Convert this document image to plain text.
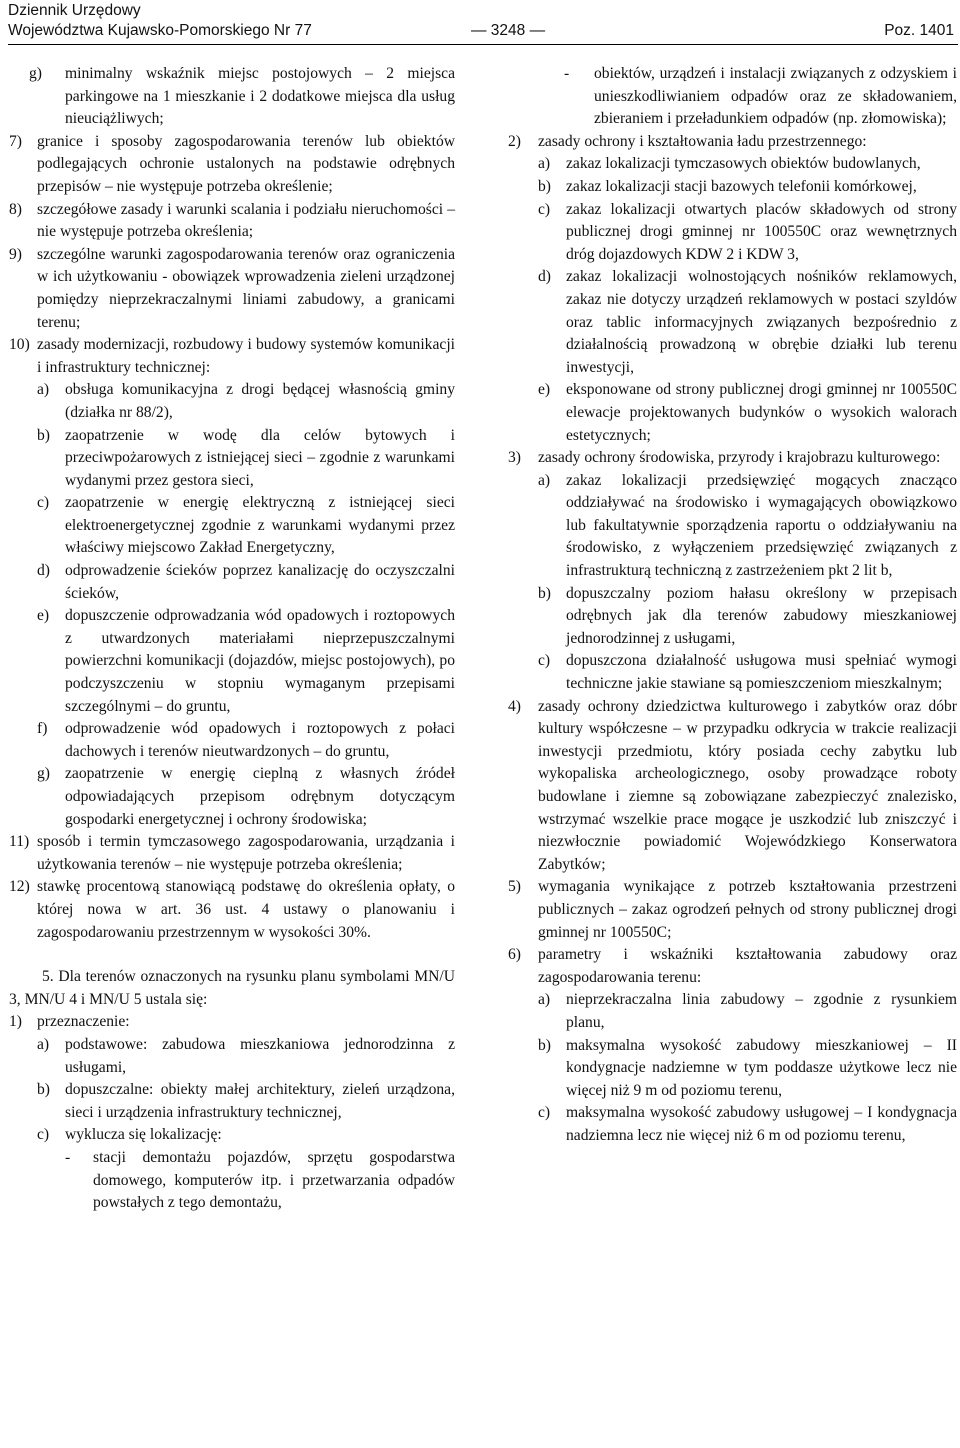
Dziennik Urzędowy
Województwa Kujawsko-Pomorskiego Nr 77	— 3248 —	Poz. 1401
g) minimalny wskaźnik miejsc postojowych – 2 miejsca parkingowe na 1 mieszkanie i 2 dodatkowe miejsca dla usług nieuciążliwych;
7) granice i sposoby zagospodarowania terenów lub obiektów podlegających ochronie ustalonych na podstawie odrębnych przepisów – nie występuje potrzeba określenie;
8) szczegółowe zasady i warunki scalania i podziału nieruchomości – nie występuje potrzeba określenia;
9) szczególne warunki zagospodarowania terenów oraz ograniczenia w ich użytkowaniu - obowiązek wprowadzenia zieleni urządzonej pomiędzy nieprzekraczalnymi liniami zabudowy, a granicami terenu;
10) zasady modernizacji, rozbudowy i budowy systemów komunikacji i infrastruktury technicznej:
a) obsługa komunikacyjna z drogi będącej własnością gminy (działka nr 88/2),
b) zaopatrzenie w wodę dla celów bytowych i przeciwpożarowych z istniejącej sieci – zgodnie z warunkami wydanymi przez gestora sieci,
c) zaopatrzenie w energię elektryczną z istniejącej sieci elektroenergetycznej zgodnie z warunkami wydanymi przez właściwy miejscowo Zakład Energetyczny,
d) odprowadzenie ścieków poprzez kanalizację do oczyszczalni ścieków,
e) dopuszczenie odprowadzania wód opadowych i roztopowych z utwardzonych materiałami nieprzepuszczalnymi powierzchni komunikacji (dojazdów, miejsc postojowych), po podczyszczeniu w stopniu wymaganym przepisami szczególnymi – do gruntu,
f) odprowadzenie wód opadowych i roztopowych z połaci dachowych i terenów nieutwardzonych – do gruntu,
g) zaopatrzenie w energię cieplną z własnych źródeł odpowiadających przepisom odrębnym dotyczącym gospodarki energetycznej i ochrony środowiska;
11) sposób i termin tymczasowego zagospodarowania, urządzania i użytkowania terenów – nie występuje potrzeba określenia;
12) stawkę procentową stanowiącą podstawę do określenia opłaty, o której nowa w art. 36 ust. 4 ustawy o planowaniu i zagospodarowaniu przestrzennym w wysokości 30%.
5. Dla terenów oznaczonych na rysunku planu symbolami MN/U 3, MN/U 4 i MN/U 5 ustala się:
1) przeznaczenie:
a) podstawowe: zabudowa mieszkaniowa jednorodzinna z usługami,
b) dopuszczalne: obiekty małej architektury, zieleń urządzona, sieci i urządzenia infrastruktury technicznej,
c) wyklucza się lokalizację:
- stacji demontażu pojazdów, sprzętu gospodarstwa domowego, komputerów itp. i przetwarzania odpadów powstałych z tego demontażu,
- obiektów, urządzeń i instalacji związanych z odzyskiem i unieszkodliwianiem odpadów oraz ze składowaniem, zbieraniem i przeładunkiem odpadów (np. złomowiska);
2) zasady ochrony i kształtowania ładu przestrzennego:
a) zakaz lokalizacji tymczasowych obiektów budowlanych,
b) zakaz lokalizacji stacji bazowych telefonii komórkowej,
c) zakaz lokalizacji otwartych placów składowych od strony publicznej drogi gminnej nr 100550C oraz wewnętrznych dróg dojazdowych KDW 2 i KDW 3,
d) zakaz lokalizacji wolnostojących nośników reklamowych, zakaz nie dotyczy urządzeń reklamowych w postaci szyldów oraz tablic informacyjnych związanych bezpośrednio z działalnością prowadzoną w obrębie działki lub terenu inwestycji,
e) eksponowane od strony publicznej drogi gminnej nr 100550C elewacje projektowanych budynków o wysokich walorach estetycznych;
3) zasady ochrony środowiska, przyrody i krajobrazu kulturowego:
a) zakaz lokalizacji przedsięwzięć mogących znacząco oddziaływać na środowisko i wymagających obowiązkowo lub fakultatywnie sporządzenia raportu o oddziaływaniu na środowisko, z wyłączeniem przedsięwzięć związanych z infrastrukturą techniczną z zastrzeżeniem pkt 2 lit b,
b) dopuszczalny poziom hałasu określony w przepisach odrębnych jak dla terenów zabudowy mieszkaniowej jednorodzinnej z usługami,
c) dopuszczona działalność usługowa musi spełniać wymogi techniczne jakie stawiane są pomieszczeniom mieszkalnym;
4) zasady ochrony dziedzictwa kulturowego i zabytków oraz dóbr kultury współczesne – w przypadku odkrycia w trakcie realizacji inwestycji przedmiotu, który posiada cechy zabytku lub wykopaliska archeologicznego, osoby prowadzące roboty budowlane i ziemne są zobowiązane zabezpieczyć znalezisko, wstrzymać wszelkie prace mogące je uszkodzić lub zniszczyć i niezwłocznie powiadomić Wojewódzkiego Konserwatora Zabytków;
5) wymagania wynikające z potrzeb kształtowania przestrzeni publicznych – zakaz ogrodzeń pełnych od strony publicznej drogi gminnej nr 100550C;
6) parametry i wskaźniki kształtowania zabudowy oraz zagospodarowania terenu:
a) nieprzekraczalna linia zabudowy – zgodnie z rysunkiem planu,
b) maksymalna wysokość zabudowy mieszkaniowej – II kondygnacje nadziemne w tym poddasze użytkowe lecz nie więcej niż 9 m od poziomu terenu,
c) maksymalna wysokość zabudowy usługowej – I kondygnacja nadziemna lecz nie więcej niż 6 m od poziomu terenu,
